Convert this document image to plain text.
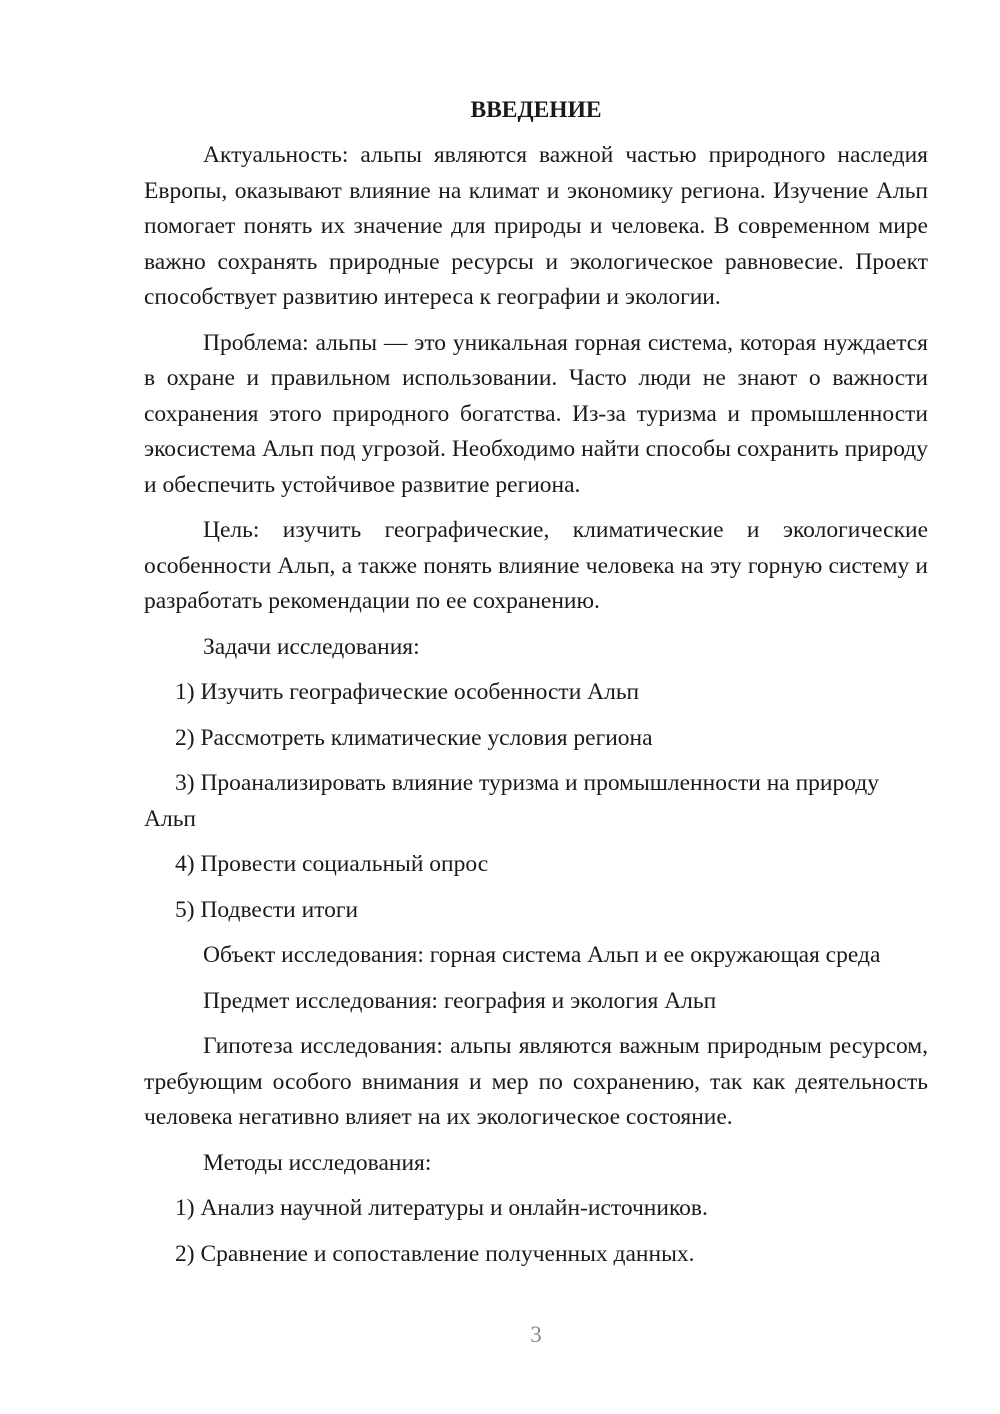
ВВЕДЕНИЕ
Актуальность: альпы являются важной частью природного наследия Европы, оказывают влияние на климат и экономику региона. Изучение Альп помогает понять их значение для природы и человека. В современном мире важно сохранять природные ресурсы и экологическое равновесие. Проект способствует развитию интереса к географии и экологии.
Проблема: альпы — это уникальная горная система, которая нуждается в охране и правильном использовании. Часто люди не знают о важности сохранения этого природного богатства. Из-за туризма и промышленности экосистема Альп под угрозой. Необходимо найти способы сохранить природу и обеспечить устойчивое развитие региона.
Цель: изучить географические, климатические и экологические особенности Альп, а также понять влияние человека на эту горную систему и разработать рекомендации по ее сохранению.
Задачи исследования:
1) Изучить географические особенности Альп
2) Рассмотреть климатические условия региона
3) Проанализировать влияние туризма и промышленности на природу Альп
4) Провести социальный опрос
5) Подвести итоги
Объект исследования: горная система Альп и ее окружающая среда
Предмет исследования: география и экология Альп
Гипотеза исследования: альпы являются важным природным ресурсом, требующим особого внимания и мер по сохранению, так как деятельность человека негативно влияет на их экологическое состояние.
Методы исследования:
1) Анализ научной литературы и онлайн-источников.
2) Сравнение и сопоставление полученных данных.
3
